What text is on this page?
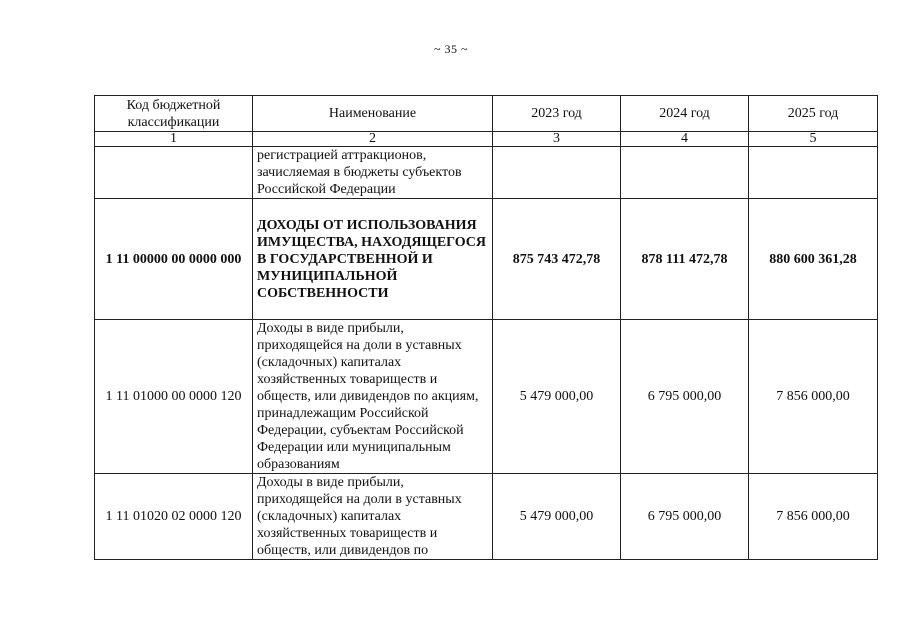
~ 35 ~
Код бюджетной классификации	Наименование	2023 год	2024 год	2025 год
1	2	3	4	5
	регистрацией аттракционов, зачисляемая в бюджеты субъектов Российской Федерации			
1 11 00000 00 0000 000	ДОХОДЫ ОТ ИСПОЛЬЗОВАНИЯ ИМУЩЕСТВА, НАХОДЯЩЕГОСЯ В ГОСУДАРСТВЕННОЙ И МУНИЦИПАЛЬНОЙ СОБСТВЕННОСТИ	875 743 472,78	878 111 472,78	880 600 361,28
1 11 01000 00 0000 120	Доходы в виде прибыли, приходящейся на доли в уставных (складочных) капиталах хозяйственных товариществ и обществ, или дивидендов по акциям, принадлежащим Российской Федерации, субъектам Российской Федерации или муниципальным образованиям	5 479 000,00	6 795 000,00	7 856 000,00
1 11 01020 02 0000 120	Доходы в виде прибыли, приходящейся на доли в уставных (складочных) капиталах хозяйственных товариществ и обществ, или дивидендов по	5 479 000,00	6 795 000,00	7 856 000,00
